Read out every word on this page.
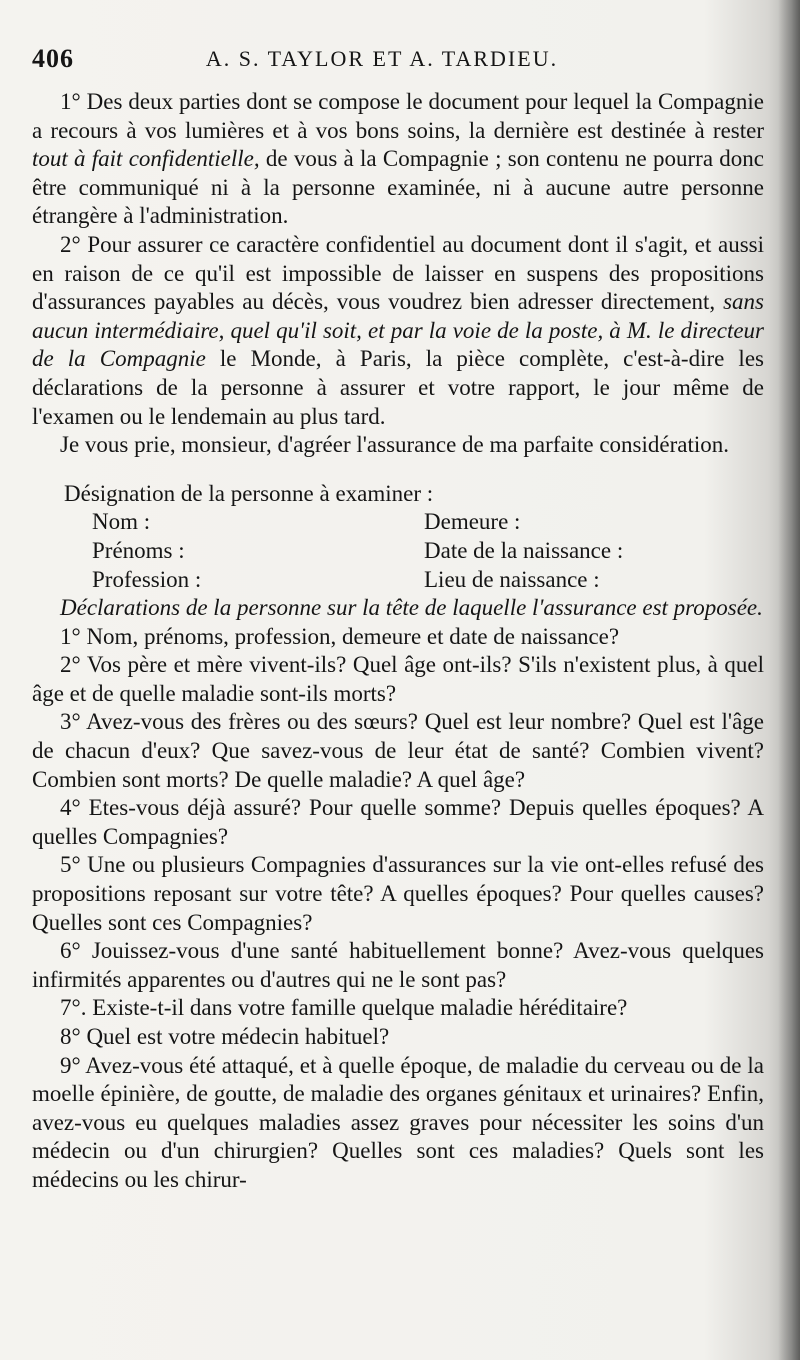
406	A. S. TAYLOR ET A. TARDIEU.

1° Des deux parties dont se compose le document pour lequel la Compagnie a recours à vos lumières et à vos bons soins, la dernière est destinée à rester tout à fait confidentielle, de vous à la Compagnie ; son contenu ne pourra donc être communiqué ni à la personne examinée, ni à aucune autre personne étrangère à l'administration.

2° Pour assurer ce caractère confidentiel au document dont il s'agit, et aussi en raison de ce qu'il est impossible de laisser en suspens des propositions d'assurances payables au décès, vous voudrez bien adresser directement, sans aucun intermédiaire, quel qu'il soit, et par la voie de la poste, à M. le directeur de la Compagnie le Monde, à Paris, la pièce complète, c'est-à-dire les déclarations de la personne à assurer et votre rapport, le jour même de l'examen ou le lendemain au plus tard.

Je vous prie, monsieur, d'agréer l'assurance de ma parfaite considération.

Désignation de la personne à examiner :

Nom :	Demeure :
Prénoms :	Date de la naissance :
Profession :	Lieu de naissance :

Déclarations de la personne sur la tête de laquelle l'assurance est proposée.

1° Nom, prénoms, profession, demeure et date de naissance?

2° Vos père et mère vivent-ils? Quel âge ont-ils? S'ils n'existent plus, à quel âge et de quelle maladie sont-ils morts?

3° Avez-vous des frères ou des sœurs? Quel est leur nombre? Quel est l'âge de chacun d'eux? Que savez-vous de leur état de santé? Combien vivent? Combien sont morts? De quelle maladie? A quel âge?

4° Etes-vous déjà assuré? Pour quelle somme? Depuis quelles époques? A quelles Compagnies?

5° Une ou plusieurs Compagnies d'assurances sur la vie ont-elles refusé des propositions reposant sur votre tête? A quelles époques? Pour quelles causes? Quelles sont ces Compagnies?

6° Jouissez-vous d'une santé habituellement bonne? Avez-vous quelques infirmités apparentes ou d'autres qui ne le sont pas?

7°. Existe-t-il dans votre famille quelque maladie héréditaire?

8° Quel est votre médecin habituel?

9° Avez-vous été attaqué, et à quelle époque, de maladie du cerveau ou de la moelle épinière, de goutte, de maladie des organes génitaux et urinaires? Enfin, avez-vous eu quelques maladies assez graves pour nécessiter les soins d'un médecin ou d'un chirurgien? Quelles sont ces maladies? Quels sont les médecins ou les chirur-
